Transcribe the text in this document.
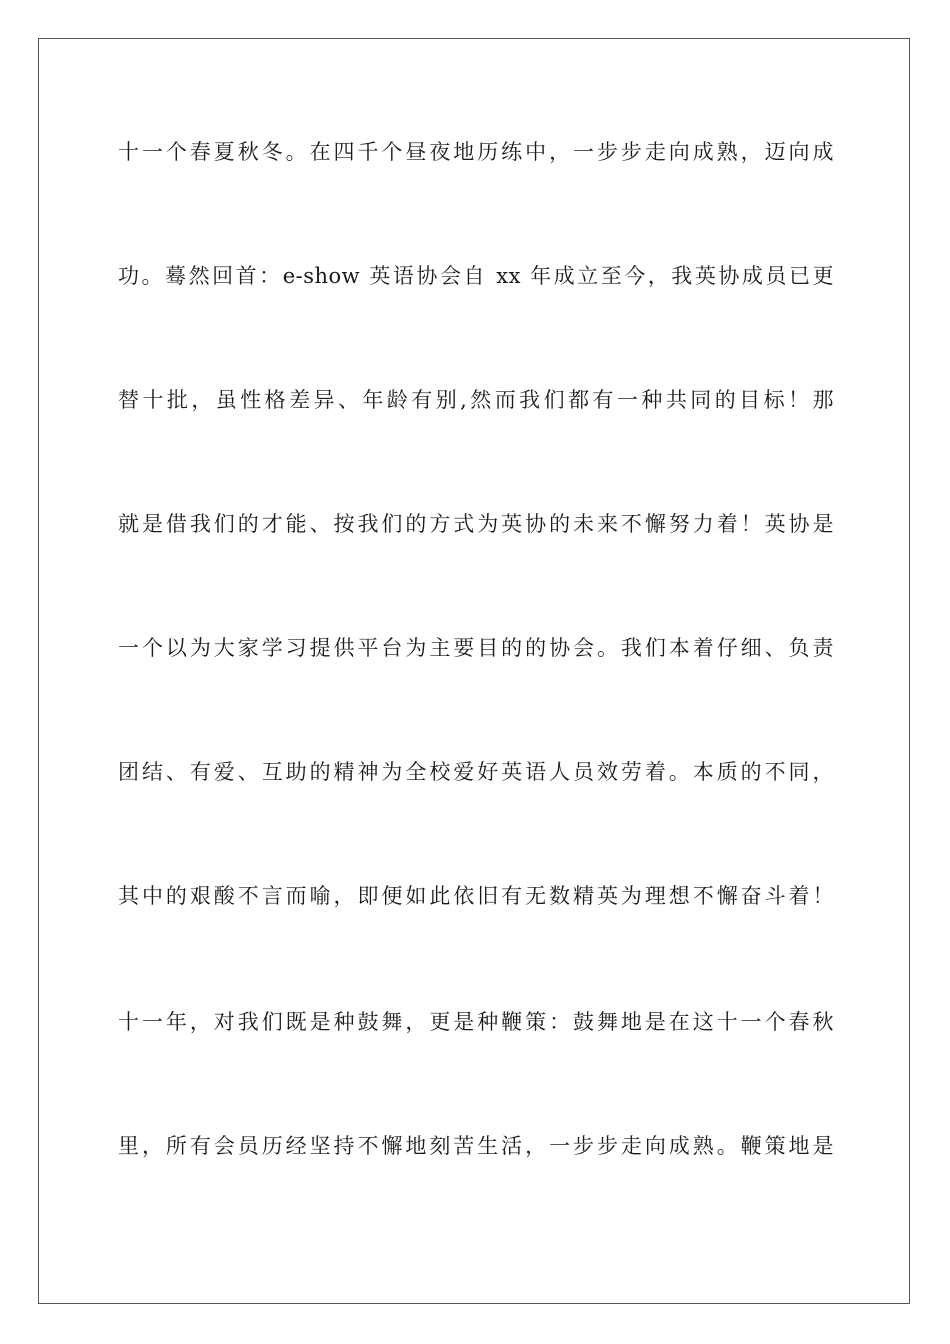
十一个春夏秋冬。在四千个昼夜地历练中，一步步走向成熟，迈向成
功。蓦然回首：e-show 英语协会自 xx 年成立至今，我英协成员已更
替十批，虽性格差异、年龄有别,然而我们都有一种共同的目标！那
就是借我们的才能、按我们的方式为英协的未来不懈努力着！英协是
一个以为大家学习提供平台为主要目的的协会。我们本着仔细、负责
团结、有爱、互助的精神为全校爱好英语人员效劳着。本质的不同，
其中的艰酸不言而喻，即便如此依旧有无数精英为理想不懈奋斗着！
十一年，对我们既是种鼓舞，更是种鞭策：鼓舞地是在这十一个春秋
里，所有会员历经坚持不懈地刻苦生活，一步步走向成熟。鞭策地是
